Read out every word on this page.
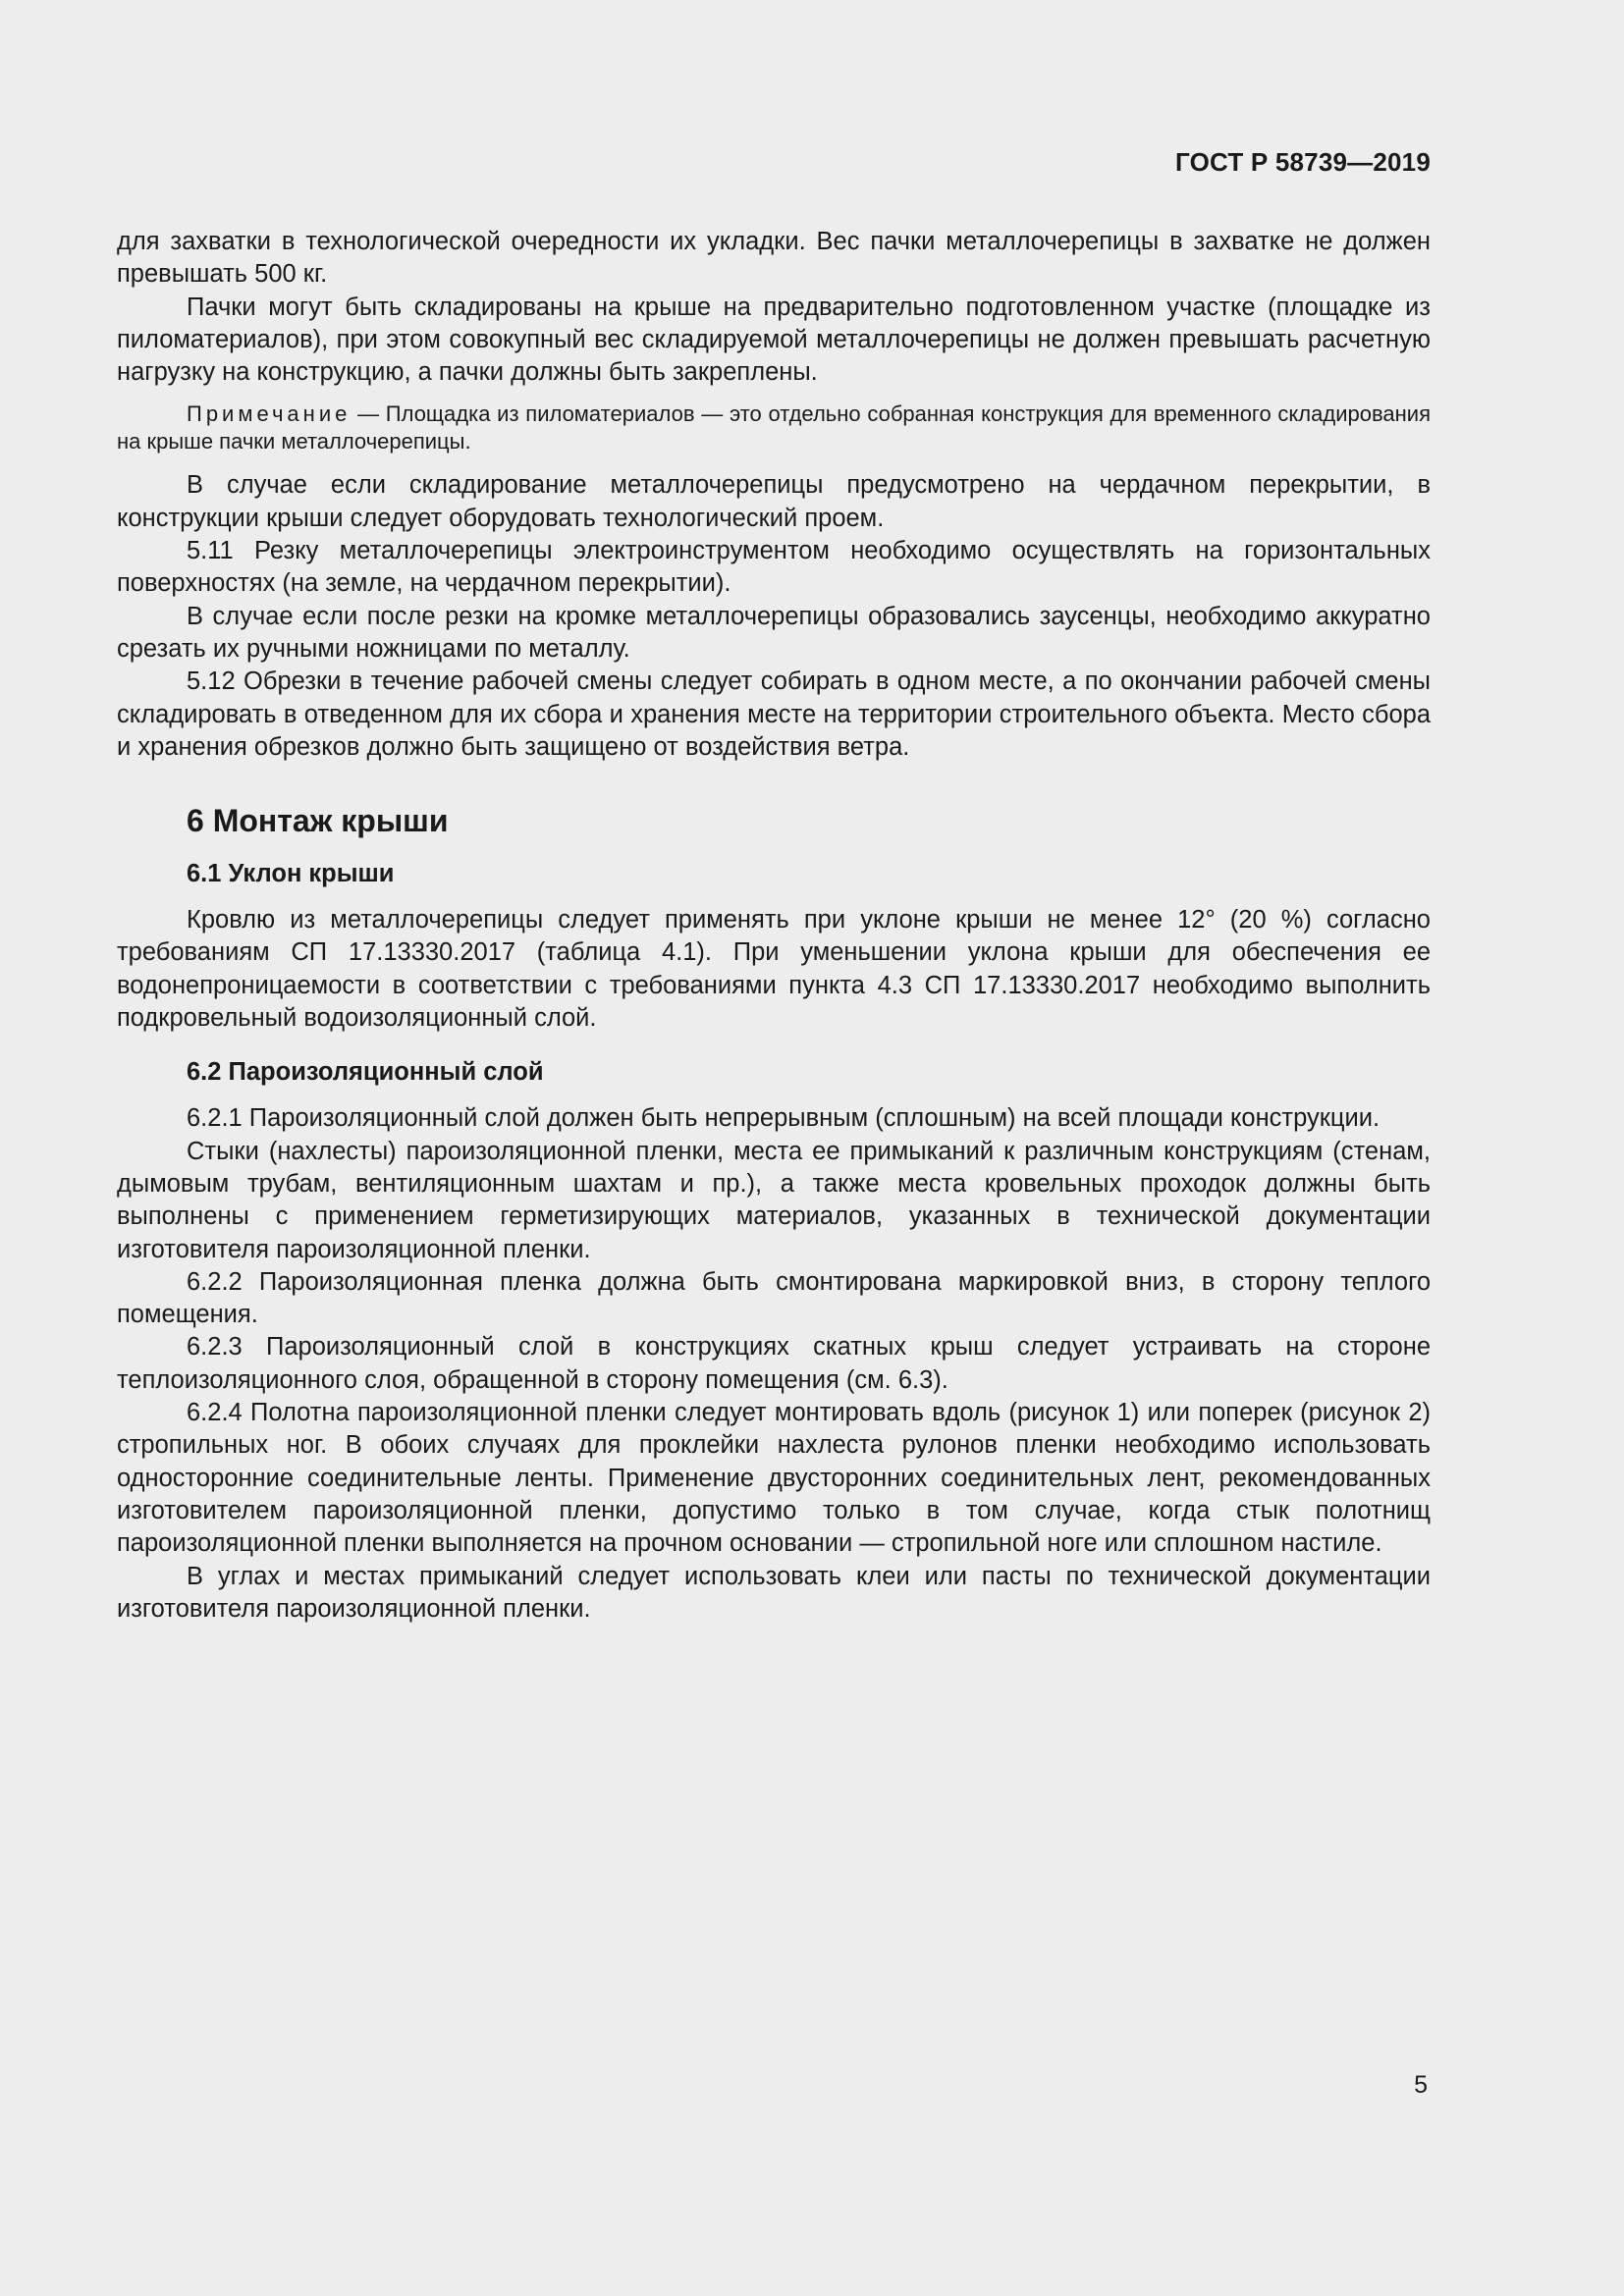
ГОСТ Р 58739—2019

для захватки в технологической очередности их укладки. Вес пачки металлочерепицы в захватке не должен превышать 500 кг.

Пачки могут быть складированы на крыше на предварительно подготовленном участке (площадке из пиломатериалов), при этом совокупный вес складируемой металлочерепицы не должен превышать расчетную нагрузку на конструкцию, а пачки должны быть закреплены.

Примечание — Площадка из пиломатериалов — это отдельно собранная конструкция для временного складирования на крыше пачки металлочерепицы.

В случае если складирование металлочерепицы предусмотрено на чердачном перекрытии, в конструкции крыши следует оборудовать технологический проем.

5.11 Резку металлочерепицы электроинструментом необходимо осуществлять на горизонтальных поверхностях (на земле, на чердачном перекрытии).

В случае если после резки на кромке металлочерепицы образовались заусенцы, необходимо аккуратно срезать их ручными ножницами по металлу.

5.12 Обрезки в течение рабочей смены следует собирать в одном месте, а по окончании рабочей смены складировать в отведенном для их сбора и хранения месте на территории строительного объекта. Место сбора и хранения обрезков должно быть защищено от воздействия ветра.

6 Монтаж крыши

6.1 Уклон крыши

Кровлю из металлочерепицы следует применять при уклоне крыши не менее 12° (20 %) согласно требованиям СП 17.13330.2017 (таблица 4.1). При уменьшении уклона крыши для обеспечения ее водонепроницаемости в соответствии с требованиями пункта 4.3 СП 17.13330.2017 необходимо выполнить подкровельный водоизоляционный слой.

6.2 Пароизоляционный слой

6.2.1 Пароизоляционный слой должен быть непрерывным (сплошным) на всей площади конструкции.

Стыки (нахлесты) пароизоляционной пленки, места ее примыканий к различным конструкциям (стенам, дымовым трубам, вентиляционным шахтам и пр.), а также места кровельных проходок должны быть выполнены с применением герметизирующих материалов, указанных в технической документации изготовителя пароизоляционной пленки.

6.2.2 Пароизоляционная пленка должна быть смонтирована маркировкой вниз, в сторону теплого помещения.

6.2.3 Пароизоляционный слой в конструкциях скатных крыш следует устраивать на стороне теплоизоляционного слоя, обращенной в сторону помещения (см. 6.3).

6.2.4 Полотна пароизоляционной пленки следует монтировать вдоль (рисунок 1) или поперек (рисунок 2) стропильных ног. В обоих случаях для проклейки нахлеста рулонов пленки необходимо использовать односторонние соединительные ленты. Применение двусторонних соединительных лент, рекомендованных изготовителем пароизоляционной пленки, допустимо только в том случае, когда стык полотнищ пароизоляционной пленки выполняется на прочном основании — стропильной ноге или сплошном настиле.

В углах и местах примыканий следует использовать клеи или пасты по технической документации изготовителя пароизоляционной пленки.

5
